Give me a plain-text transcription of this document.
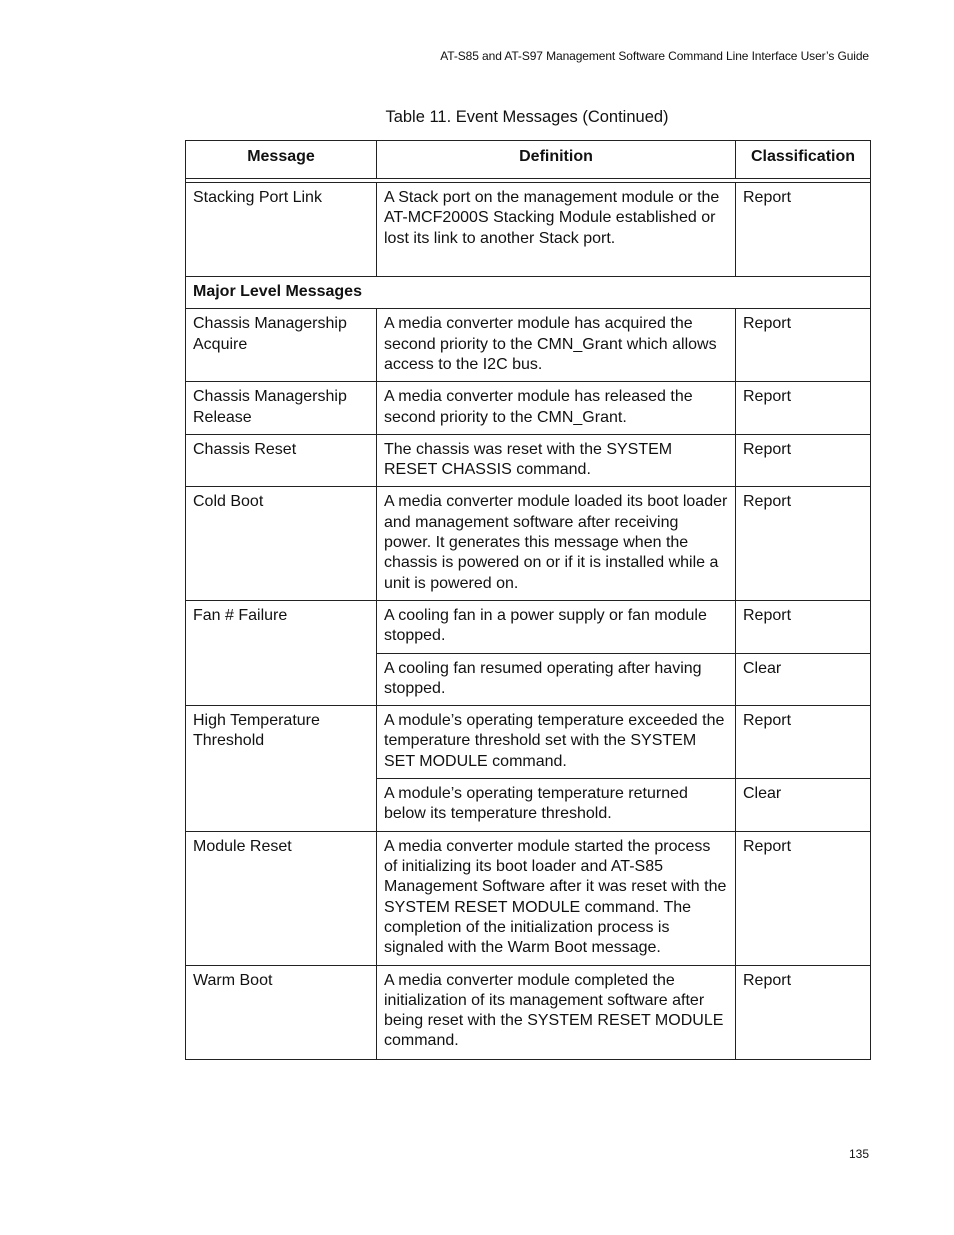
AT-S85 and AT-S97 Management Software Command Line Interface User’s Guide
Table 11. Event Messages (Continued)
Message	Definition	Classification

Stacking Port Link	A Stack port on the management module or the AT-MCF2000S Stacking Module established or lost its link to another Stack port.	Report
Major Level Messages		
Chassis Managership Acquire	A media converter module has acquired the second priority to the CMN_Grant which allows access to the I2C bus.	Report
Chassis Managership Release	A media converter module has released the second priority to the CMN_Grant.	Report
Chassis Reset	The chassis was reset with the SYSTEM RESET CHASSIS command.	Report
Cold Boot	A media converter module loaded its boot loader and management software after receiving power. It generates this message when the chassis is powered on or if it is installed while a unit is powered on.	Report
Fan # Failure	A cooling fan in a power supply or fan module stopped.	Report
	A cooling fan resumed operating after having stopped.	Clear
High Temperature Threshold	A module’s operating temperature exceeded the temperature threshold set with the SYSTEM SET MODULE command.	Report
	A module’s operating temperature returned below its temperature threshold.	Clear
Module Reset	A media converter module started the process of initializing its boot loader and AT-S85 Management Software after it was reset with the SYSTEM RESET MODULE command. The completion of the initialization process is signaled with the Warm Boot message.	Report
Warm Boot	A media converter module completed the initialization of its management software after being reset with the SYSTEM RESET MODULE command.	Report
135
